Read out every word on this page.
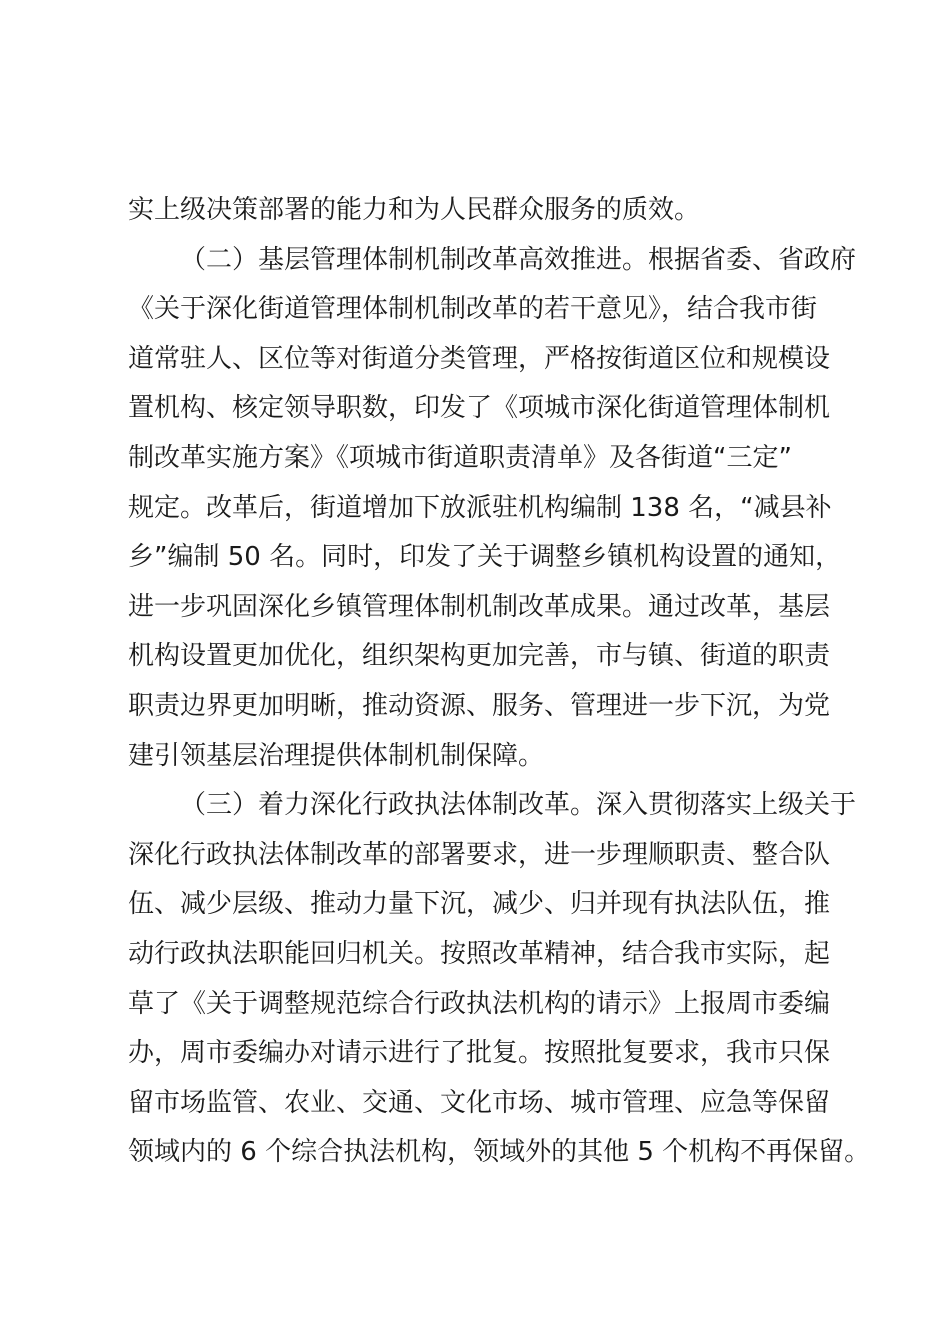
实上级决策部署的能力和为人民群众服务的质效。
（二）基层管理体制机制改革高效推进。根据省委、省政府
《关于深化街道管理体制机制改革的若干意见》，结合我市街
道常驻人、区位等对街道分类管理，严格按街道区位和规模设
置机构、核定领导职数，印发了《项城市深化街道管理体制机
制改革实施方案》《项城市街道职责清单》及各街道“三定”
规定。改革后，街道增加下放派驻机构编制 138 名，“减县补
乡”编制 50 名。同时，印发了关于调整乡镇机构设置的通知，
进一步巩固深化乡镇管理体制机制改革成果。通过改革，基层
机构设置更加优化，组织架构更加完善，市与镇、街道的职责
职责边界更加明晰，推动资源、服务、管理进一步下沉，为党
建引领基层治理提供体制机制保障。
（三）着力深化行政执法体制改革。深入贯彻落实上级关于
深化行政执法体制改革的部署要求，进一步理顺职责、整合队
伍、减少层级、推动力量下沉，减少、归并现有执法队伍，推
动行政执法职能回归机关。按照改革精神，结合我市实际，起
草了《关于调整规范综合行政执法机构的请示》上报周市委编
办，周市委编办对请示进行了批复。按照批复要求，我市只保
留市场监管、农业、交通、文化市场、城市管理、应急等保留
领域内的 6 个综合执法机构，领域外的其他 5 个机构不再保留。
